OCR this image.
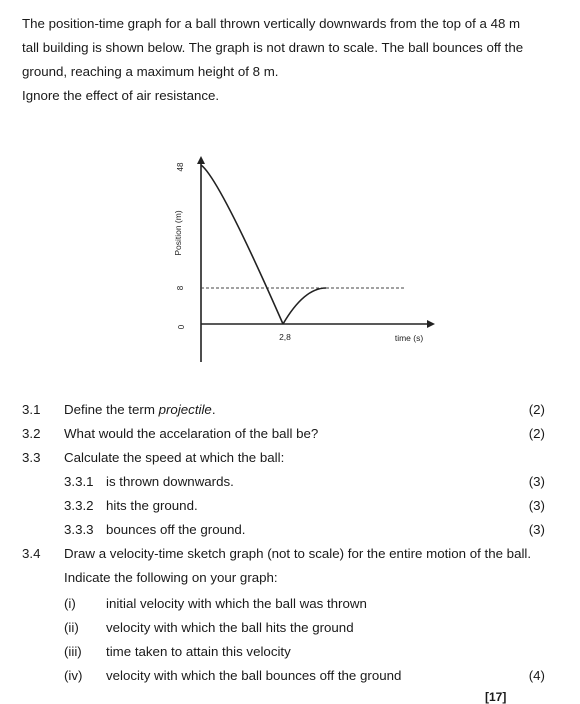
The position-time graph for a ball thrown vertically downwards from the top of a 48 m

tall building is shown below. The graph is not drawn to scale. The ball bounces off the

ground, reaching a maximum height of 8 m.

Ignore the effect of air resistance.

48
8
0
Position (m)
2,8	time (s)
3.1 Define the term projectile.	(2)
3.2 What would the accelaration of the ball be?	(2)
3.3 Calculate the speed at which the ball:
3.3.1 is thrown downwards.	(3)
3.3.2 hits the ground.	(3)
3.3.3 bounces off the ground.	(3)
3.4 Draw a velocity-time sketch graph (not to scale) for the entire motion of the ball.
Indicate the following on your graph:
(i) initial velocity with which the ball was thrown
(ii) velocity with which the ball hits the ground
(iii) time taken to attain this velocity
(iv) velocity with which the ball bounces off the ground	(4)
[17]
